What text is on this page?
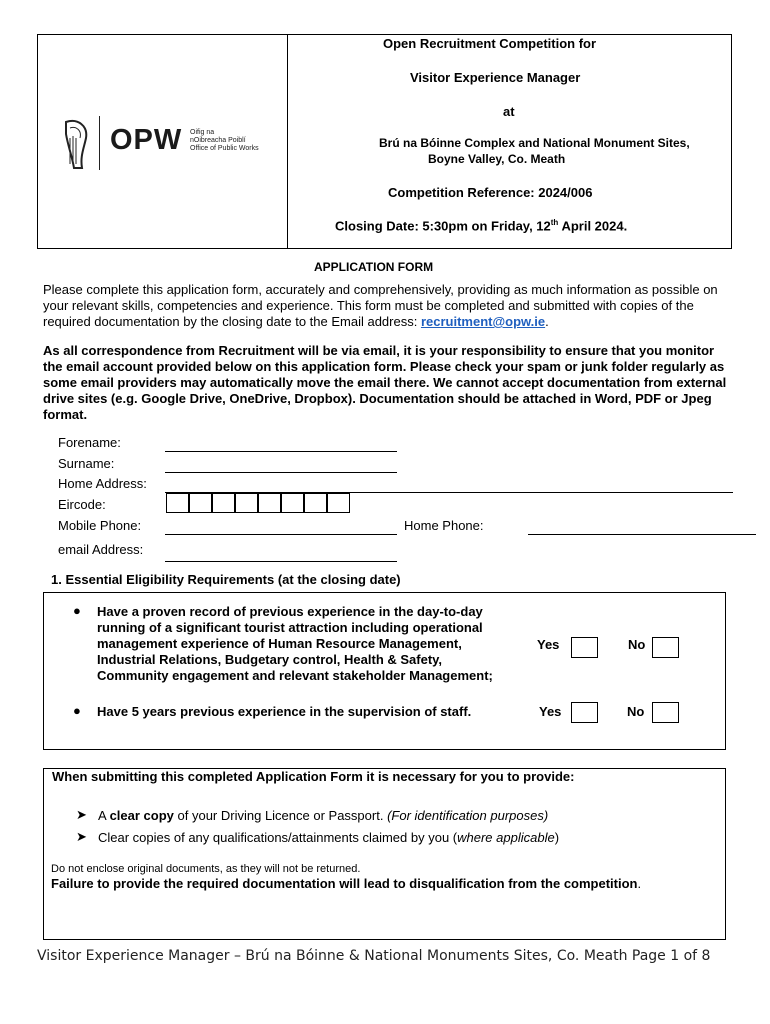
OPW Oifig na
nOibreacha Poiblí
Office of Public Works
Open Recruitment Competition for
Visitor Experience Manager
at
Brú na Bóinne Complex and National Monument Sites,
Boyne Valley, Co. Meath
Competition Reference: 2024/006
Closing Date: 5:30pm on Friday, 12th April 2024.
APPLICATION FORM
Please complete this application form, accurately and comprehensively, providing as much information as possible on your relevant skills, competencies and experience. This form must be completed and submitted with copies of the required documentation by the closing date to the Email address: recruitment@opw.ie.
As all correspondence from Recruitment will be via email, it is your responsibility to ensure that you monitor the email account provided below on this application form. Please check your spam or junk folder regularly as some email providers may automatically move the email there. We cannot accept documentation from external drive sites (e.g. Google Drive, OneDrive, Dropbox). Documentation should be attached in Word, PDF or Jpeg format.
Forename:
Surname:
Home Address:
Eircode:
Mobile Phone:	Home Phone:
email Address:
1. Essential Eligibility Requirements (at the closing date)
● Have a proven record of previous experience in the day-to-day
running of a significant tourist attraction including operational
management experience of Human Resource Management,
Industrial Relations, Budgetary control, Health & Safety,
Community engagement and relevant stakeholder Management;
Yes	No
● Have 5 years previous experience in the supervision of staff.	Yes	No
When submitting this completed Application Form it is necessary for you to provide:
➤ A clear copy of your Driving Licence or Passport. (For identification purposes)
➤ Clear copies of any qualifications/attainments claimed by you (where applicable)
Do not enclose original documents, as they will not be returned.
Failure to provide the required documentation will lead to disqualification from the competition.
Visitor Experience Manager – Brú na Bóinne & National Monuments Sites, Co. Meath Page 1 of 8
